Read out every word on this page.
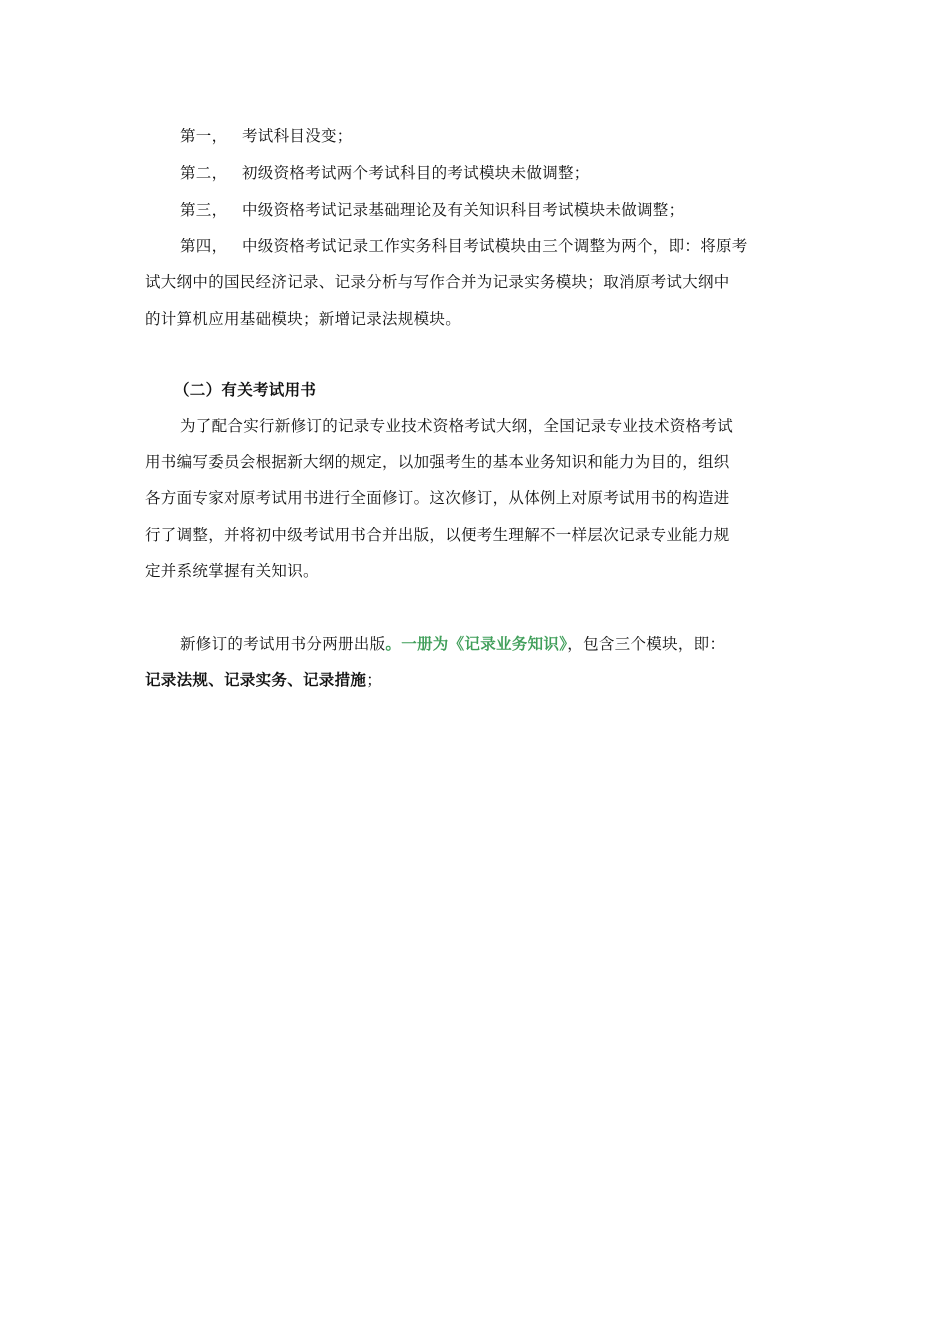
第一， 考试科目没变；
第二， 初级资格考试两个考试科目的考试模块未做调整；
第三， 中级资格考试记录基础理论及有关知识科目考试模块未做调整；
第四， 中级资格考试记录工作实务科目考试模块由三个调整为两个，即：将原考
试大纲中的国民经济记录、记录分析与写作合并为记录实务模块；取消原考试大纲中
的计算机应用基础模块；新增记录法规模块。
（二）有关考试用书
为了配合实行新修订的记录专业技术资格考试大纲，全国记录专业技术资格考试
用书编写委员会根据新大纲的规定，以加强考生的基本业务知识和能力为目的，组织
各方面专家对原考试用书进行全面修订。这次修订，从体例上对原考试用书的构造进
行了调整，并将初中级考试用书合并出版，以便考生理解不一样层次记录专业能力规
定并系统掌握有关知识。
新修订的考试用书分两册出版。一册为《记录业务知识》，包含三个模块，即：
记录法规、记录实务、记录措施；
